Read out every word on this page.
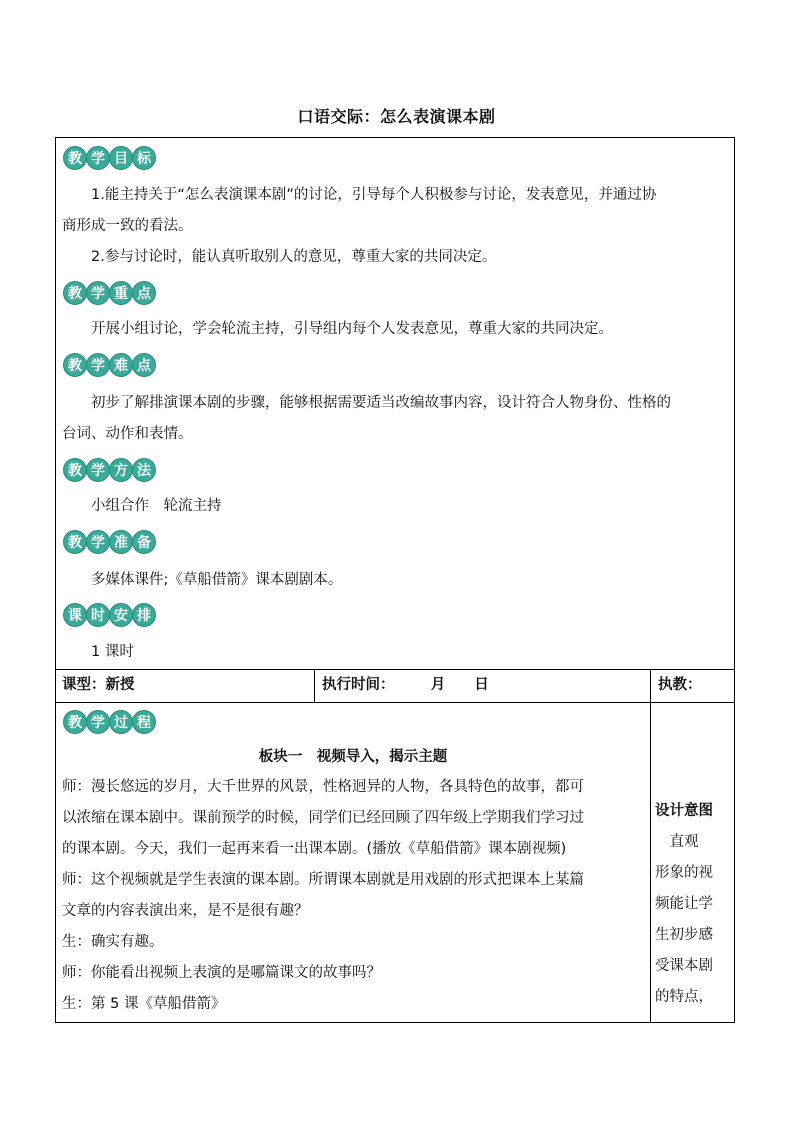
口语交际：怎么表演课本剧
教 学 目 标
1.能主持关于“怎么表演课本剧”的讨论，引导每个人积极参与讨论，发表意见，并通过协
商形成一致的看法。
2.参与讨论时，能认真听取别人的意见，尊重大家的共同决定。
教 学 重 点
开展小组讨论，学会轮流主持，引导组内每个人发表意见，尊重大家的共同决定。
教 学 难 点
初步了解排演课本剧的步骤，能够根据需要适当改编故事内容，设计符合人物身份、性格的
台词、动作和表情。
教 学 方 法
小组合作　轮流主持
教 学 准 备
多媒体课件;《草船借箭》课本剧剧本。
课 时 安 排
1 课时
课型：新授	执行时间：　　　月　　日	执教：
教 学 过 程
板块一　视频导入，揭示主题
师：漫长悠远的岁月，大千世界的风景，性格迥异的人物，各具特色的故事，都可
以浓缩在课本剧中。课前预学的时候，同学们已经回顾了四年级上学期我们学习过
的课本剧。今天，我们一起再来看一出课本剧。(播放《草船借箭》课本剧视频)
师：这个视频就是学生表演的课本剧。所谓课本剧就是用戏剧的形式把课本上某篇
文章的内容表演出来，是不是很有趣？
生：确实有趣。
师：你能看出视频上表演的是哪篇课文的故事吗？
生：第 5 课《草船借箭》
设计意图
　直观
形象的视
频能让学
生初步感
受课本剧
的特点，
